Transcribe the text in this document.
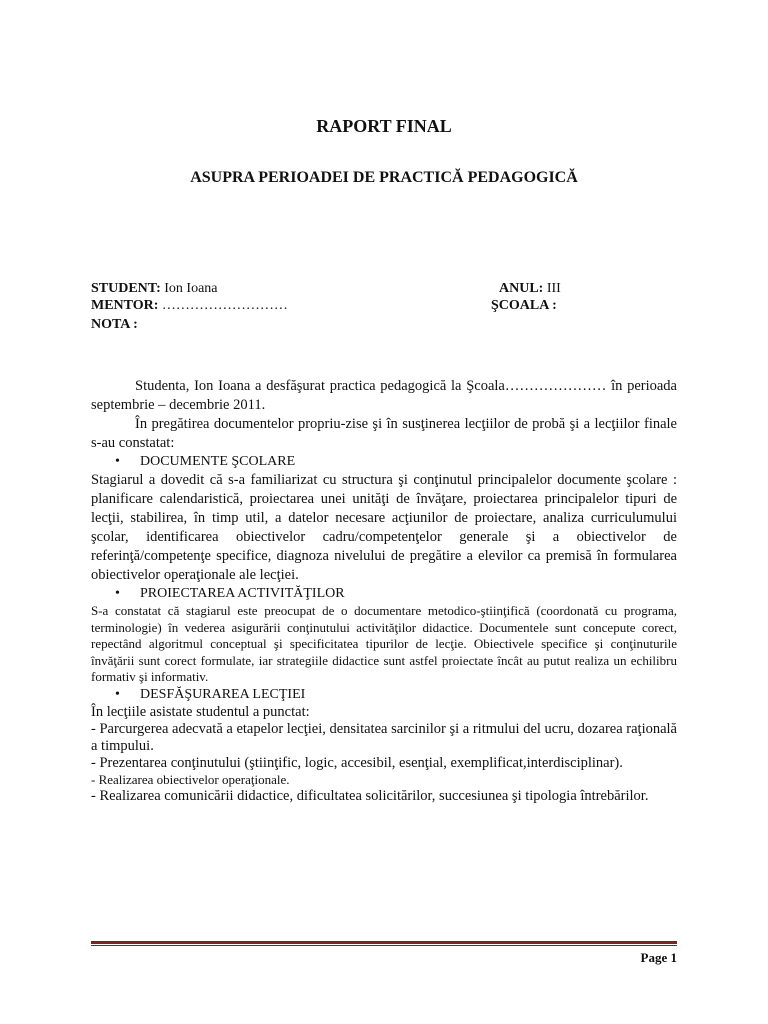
RAPORT FINAL
ASUPRA PERIOADEI DE PRACTICĂ PEDAGOGICĂ
STUDENT: Ion Ioana	ANUL: III
MENTOR: ………………………	ŞCOALA :
NOTA :

Studenta, Ion Ioana a desfăşurat practica pedagogică la Şcoala………………… în perioada septembrie – decembrie 2011.

În pregătirea documentelor propriu-zise şi în susţinerea lecţiilor de probă şi a lecţiilor finale s-au constatat:

• DOCUMENTE ŞCOLARE

Stagiarul a dovedit că s-a familiarizat cu structura şi conţinutul principalelor documente şcolare : planificare calendaristică, proiectarea unei unităţi de învăţare, proiectarea principalelor tipuri de lecţii, stabilirea, în timp util, a datelor necesare acţiunilor de proiectare, analiza curriculumului şcolar, identificarea obiectivelor cadru/competenţelor generale şi a obiectivelor de referinţă/competenţe specifice, diagnoza nivelului de pregătire a elevilor ca premisă în formularea obiectivelor operaţionale ale lecţiei.

• PROIECTAREA ACTIVITĂŢILOR

S-a constatat că stagiarul este preocupat de o documentare metodico-ştiinţifică (coordonată cu programa, terminologie) în vederea asigurării conţinutului activităţilor didactice. Documentele sunt concepute corect, repectând algoritmul conceptual şi specificitatea tipurilor de lecţie. Obiectivele specifice şi conţinuturile învăţării sunt corect formulate, iar strategiile didactice sunt astfel proiectate încât au putut realiza un echilibru formativ şi informativ.

• DESFĂŞURAREA LECŢIEI

În lecţiile asistate studentul a punctat:

- Parcurgerea adecvată a etapelor lecţiei, densitatea sarcinilor şi a ritmului del ucru, dozarea raţională a timpului.

- Prezentarea conţinutului (ştiinţific, logic, accesibil, esenţial, exemplificat,interdisciplinar).

- Realizarea obiectivelor operaţionale.

- Realizarea comunicării didactice, dificultatea solicitărilor, succesiunea şi tipologia întrebărilor.

Page 1
